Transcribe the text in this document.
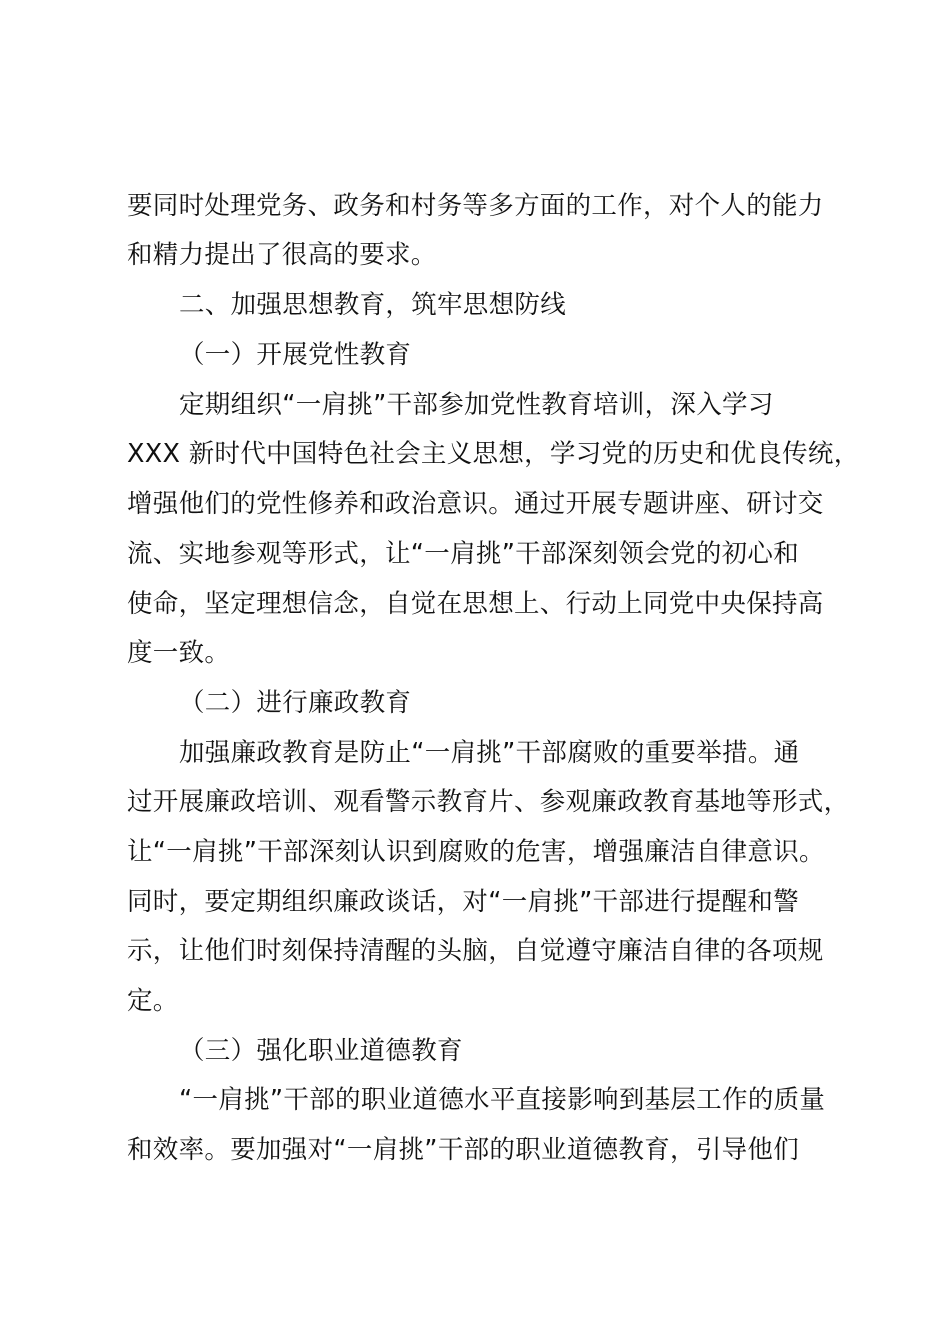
要同时处理党务、政务和村务等多方面的工作，对个人的能力
和精力提出了很高的要求。
二、加强思想教育，筑牢思想防线
（一）开展党性教育
定期组织“一肩挑”干部参加党性教育培训，深入学习
XXX 新时代中国特色社会主义思想，学习党的历史和优良传统，
增强他们的党性修养和政治意识。通过开展专题讲座、研讨交
流、实地参观等形式，让“一肩挑”干部深刻领会党的初心和
使命，坚定理想信念，自觉在思想上、行动上同党中央保持高
度一致。
（二）进行廉政教育
加强廉政教育是防止“一肩挑”干部腐败的重要举措。通
过开展廉政培训、观看警示教育片、参观廉政教育基地等形式，
让“一肩挑”干部深刻认识到腐败的危害，增强廉洁自律意识。
同时，要定期组织廉政谈话，对“一肩挑”干部进行提醒和警
示，让他们时刻保持清醒的头脑，自觉遵守廉洁自律的各项规
定。
（三）强化职业道德教育
“一肩挑”干部的职业道德水平直接影响到基层工作的质量
和效率。要加强对“一肩挑”干部的职业道德教育，引导他们
